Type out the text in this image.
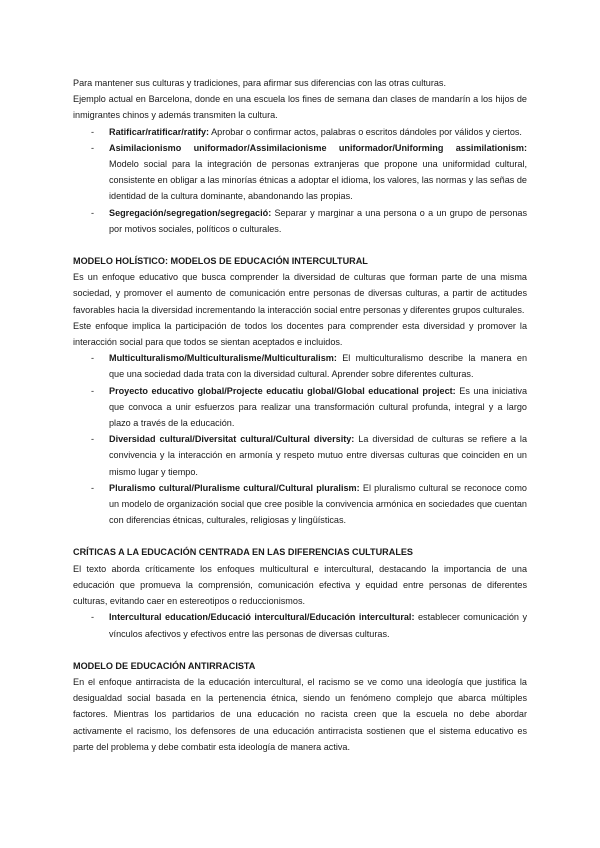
Para mantener sus culturas y tradiciones, para afirmar sus diferencias con las otras culturas.

Ejemplo actual en Barcelona, donde en una escuela los fines de semana dan clases de mandarín a los hijos de inmigrantes chinos y además transmiten la cultura.

- Ratificar/ratificar/ratify: Aprobar o confirmar actos, palabras o escritos dándoles por válidos y ciertos.
- Asimilacionismo uniformador/Assimilacionisme uniformador/Uniforming assimilationism: Modelo social para la integración de personas extranjeras que propone una uniformidad cultural, consistente en obligar a las minorías étnicas a adoptar el idioma, los valores, las normas y las señas de identidad de la cultura dominante, abandonando las propias.
- Segregación/segregation/segregació: Separar y marginar a una persona o a un grupo de personas por motivos sociales, políticos o culturales.

MODELO HOLÍSTICO: MODELOS DE EDUCACIÓN INTERCULTURAL

Es un enfoque educativo que busca comprender la diversidad de culturas que forman parte de una misma sociedad, y promover el aumento de comunicación entre personas de diversas culturas, a partir de actitudes favorables hacia la diversidad incrementando la interacción social entre personas y diferentes grupos culturales.

Este enfoque implica la participación de todos los docentes para comprender esta diversidad y promover la interacción social para que todos se sientan aceptados e incluidos.

- Multiculturalismo/Multiculturalisme/Multiculturalism: El multiculturalismo describe la manera en que una sociedad dada trata con la diversidad cultural. Aprender sobre diferentes culturas.
- Proyecto educativo global/Projecte educatiu global/Global educational project: Es una iniciativa que convoca a unir esfuerzos para realizar una transformación cultural profunda, integral y a largo plazo a través de la educación.
- Diversidad cultural/Diversitat cultural/Cultural diversity: La diversidad de culturas se refiere a la convivencia y la interacción en armonía y respeto mutuo entre diversas culturas que coinciden en un mismo lugar y tiempo.
- Pluralismo cultural/Pluralisme cultural/Cultural pluralism: El pluralismo cultural se reconoce como un modelo de organización social que cree posible la convivencia armónica en sociedades que cuentan con diferencias étnicas, culturales, religiosas y lingüísticas.

CRÍTICAS A LA EDUCACIÓN CENTRADA EN LAS DIFERENCIAS CULTURALES

El texto aborda críticamente los enfoques multicultural e intercultural, destacando la importancia de una educación que promueva la comprensión, comunicación efectiva y equidad entre personas de diferentes culturas, evitando caer en estereotipos o reduccionismos.

- Intercultural education/Educació intercultural/Educación intercultural: establecer comunicación y vínculos afectivos y efectivos entre las personas de diversas culturas.

MODELO DE EDUCACIÓN ANTIRRACISTA

En el enfoque antirracista de la educación intercultural, el racismo se ve como una ideología que justifica la desigualdad social basada en la pertenencia étnica, siendo un fenómeno complejo que abarca múltiples factores. Mientras los partidarios de una educación no racista creen que la escuela no debe abordar activamente el racismo, los defensores de una educación antirracista sostienen que el sistema educativo es parte del problema y debe combatir esta ideología de manera activa.
